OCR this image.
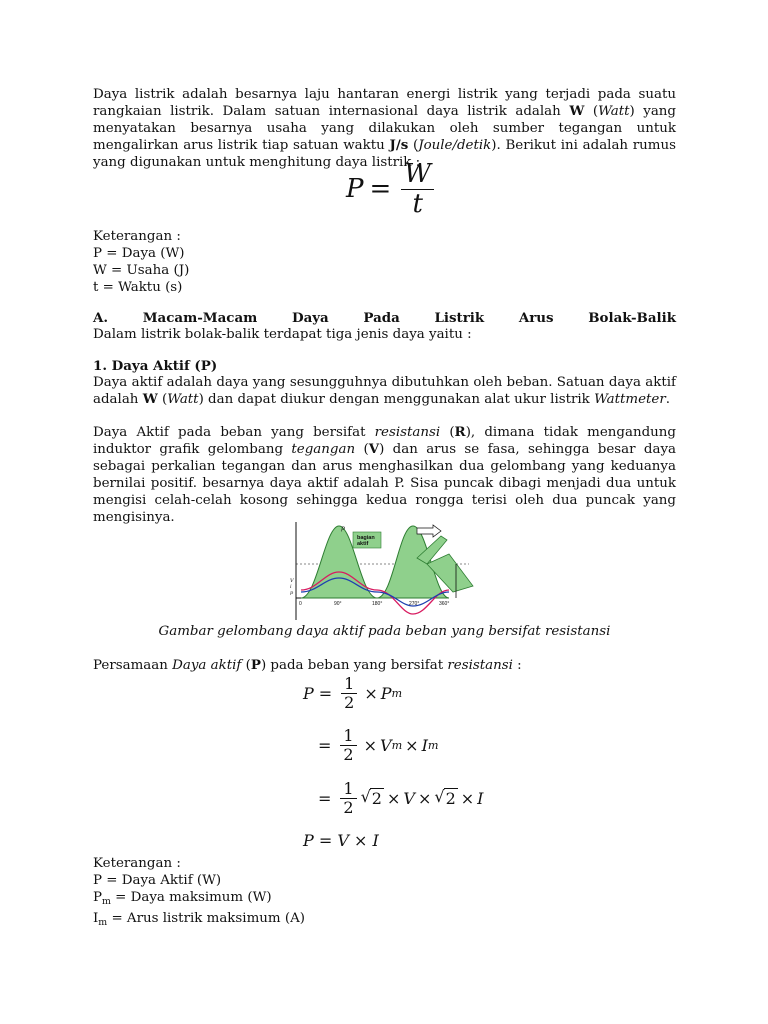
Daya listrik adalah besarnya laju hantaran energi listrik yang terjadi pada suatu rangkaian listrik. Dalam satuan internasional daya listrik adalah W (Watt) yang menyatakan besarnya usaha yang dilakukan oleh sumber tegangan untuk mengalirkan arus listrik tiap satuan waktu J/s (Joule/detik). Berikut ini adalah rumus yang digunakan untuk menghitung daya listrik :
$P = \frac{W}{t}$

Keterangan :

P = Daya (W)

W = Usaha (J)

t = Waktu (s)

A.	Macam-Macam	Daya	Pada	Listrik	Arus	Bolak-Balik
Dalam listrik bolak-balik terdapat tiga jenis daya yaitu :
1. Daya Aktif (P)
Daya aktif adalah daya yang sesungguhnya dibutuhkan oleh beban. Satuan daya aktif adalah W (Watt) dan dapat diukur dengan menggunakan alat ukur listrik Wattmeter.
Daya Aktif pada beban yang bersifat resistansi (R), dimana tidak mengandung induktor grafik gelombang tegangan (V) dan arus se fasa, sehingga besar daya sebagai perkalian tegangan dan arus menghasilkan dua gelombang yang keduanya bernilai positif. besarnya daya aktif adalah P. Sisa puncak dibagi menjadi dua untuk mengisi celah-celah kosong sehingga kedua rongga terisi oleh dua puncak yang mengisinya.
bagian
aktif
p
0	90°	180°	270°	360°
V
i
p
Gambar gelombang daya aktif pada beban yang bersifat resistansi
Persamaan Daya aktif (P) pada beban yang bersifat resistansi :
$P = \frac{1}{2} \times P$ m
= $\frac{1}{2} \times V$ m × I m
= $\frac{1}{2}$ √ 2 × V × √ 2 × I
P = V × I

Keterangan :

P = Daya Aktif (W)

$P_m$ = Daya maksimum (W)

$I_m$ = Arus listrik maksimum (A)
